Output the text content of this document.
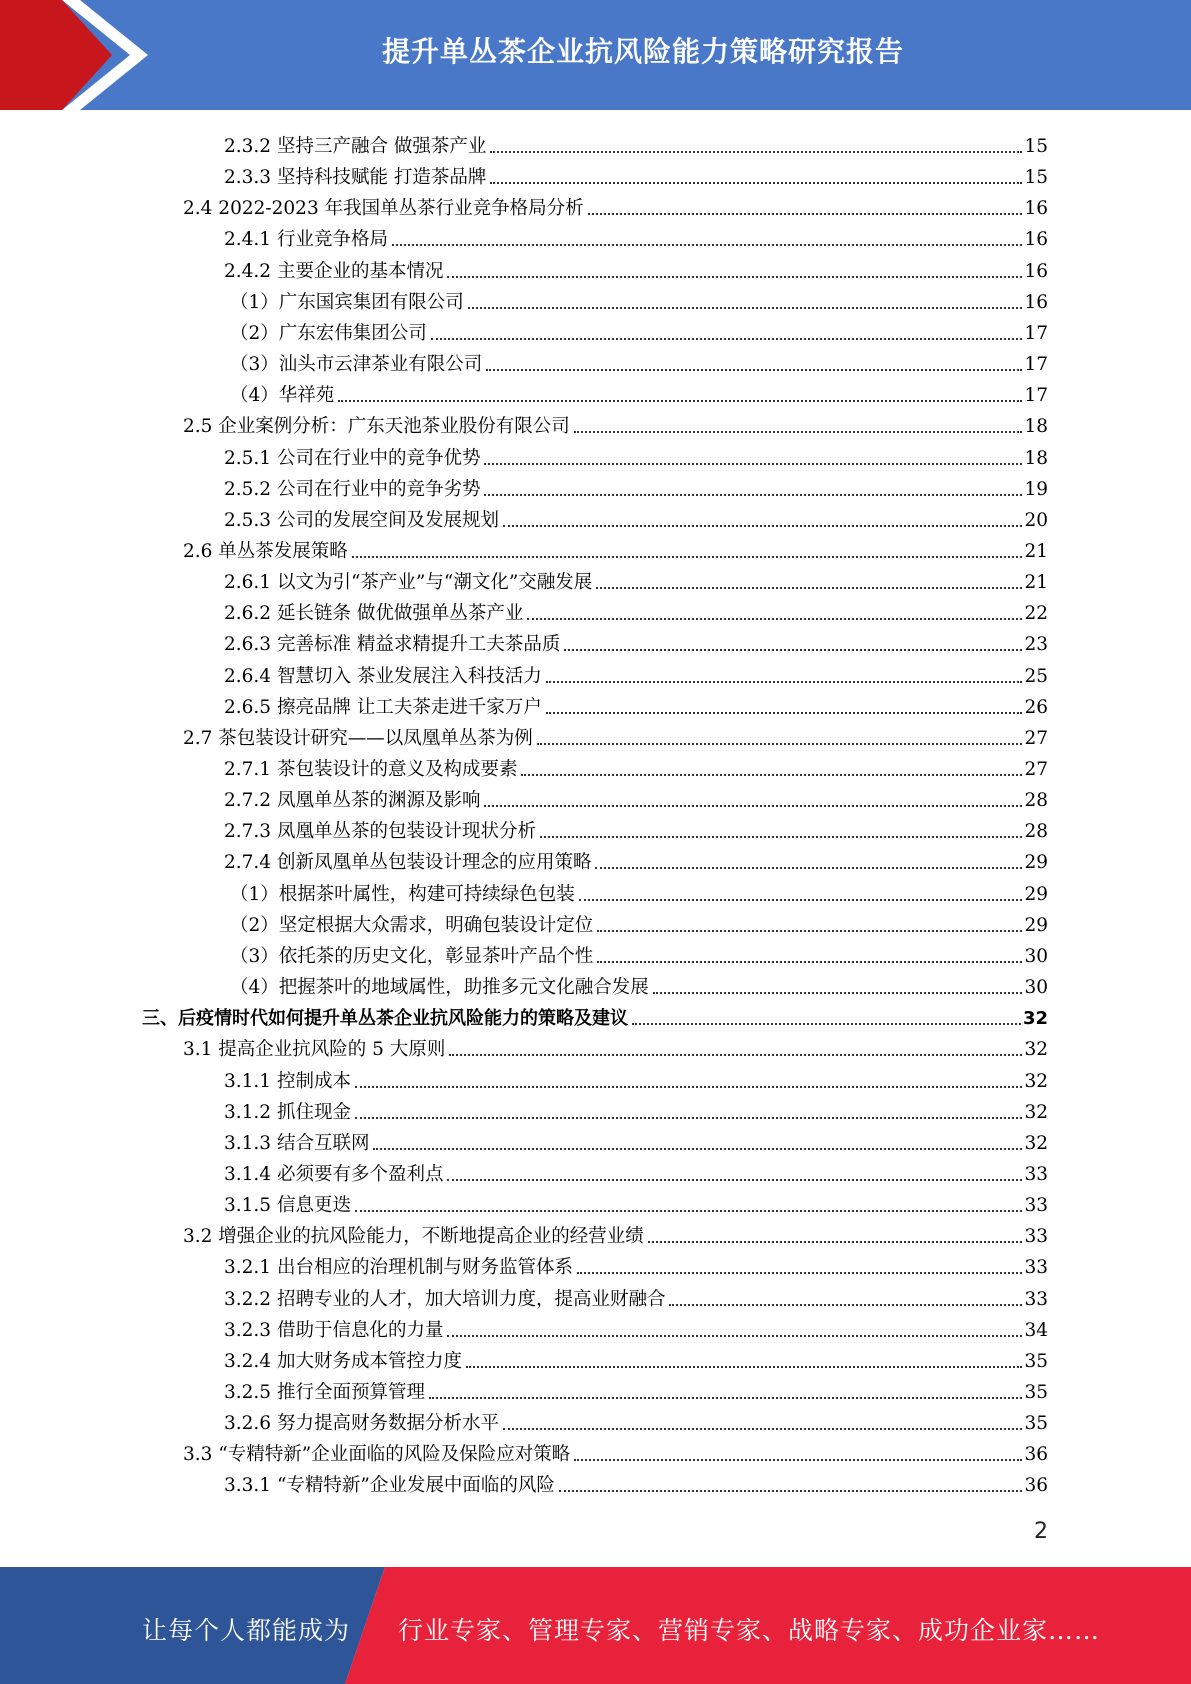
提升单丛茶企业抗风险能力策略研究报告
2.3.2 坚持三产融合 做强茶产业	15
2.3.3 坚持科技赋能 打造茶品牌	15
2.4 2022-2023 年我国单丛茶行业竞争格局分析	16
2.4.1 行业竞争格局	16
2.4.2 主要企业的基本情况	16
（1）广东国宾集团有限公司	16
（2）广东宏伟集团公司	17
（3）汕头市云津茶业有限公司	17
（4）华祥苑	17
2.5 企业案例分析：广东天池茶业股份有限公司	18
2.5.1 公司在行业中的竞争优势	18
2.5.2 公司在行业中的竞争劣势	19
2.5.3 公司的发展空间及发展规划	20
2.6 单丛茶发展策略	21
2.6.1 以文为引“茶产业”与“潮文化”交融发展	21
2.6.2 延长链条 做优做强单丛茶产业	22
2.6.3 完善标准 精益求精提升工夫茶品质	23
2.6.4 智慧切入 茶业发展注入科技活力	25
2.6.5 擦亮品牌 让工夫茶走进千家万户	26
2.7 茶包装设计研究——以凤凰单丛茶为例	27
2.7.1 茶包装设计的意义及构成要素	27
2.7.2 凤凰单丛茶的渊源及影响	28
2.7.3 凤凰单丛茶的包装设计现状分析	28
2.7.4 创新凤凰单丛包装设计理念的应用策略	29
（1）根据茶叶属性，构建可持续绿色包装	29
（2）坚定根据大众需求，明确包装设计定位	29
（3）依托茶的历史文化，彰显茶叶产品个性	30
（4）把握茶叶的地域属性，助推多元文化融合发展	30
三、后疫情时代如何提升单丛茶企业抗风险能力的策略及建议	32
3.1 提高企业抗风险的 5 大原则	32
3.1.1 控制成本	32
3.1.2 抓住现金	32
3.1.3 结合互联网	32
3.1.4 必须要有多个盈利点	33
3.1.5 信息更迭	33
3.2 增强企业的抗风险能力，不断地提高企业的经营业绩	33
3.2.1 出台相应的治理机制与财务监管体系	33
3.2.2 招聘专业的人才，加大培训力度，提高业财融合	33
3.2.3 借助于信息化的力量	34
3.2.4 加大财务成本管控力度	35
3.2.5 推行全面预算管理	35
3.2.6 努力提高财务数据分析水平	35
3.3 “专精特新”企业面临的风险及保险应对策略	36
3.3.1 “专精特新”企业发展中面临的风险	36
2
让每个人都能成为 行业专家、管理专家、营销专家、战略专家、成功企业家……
